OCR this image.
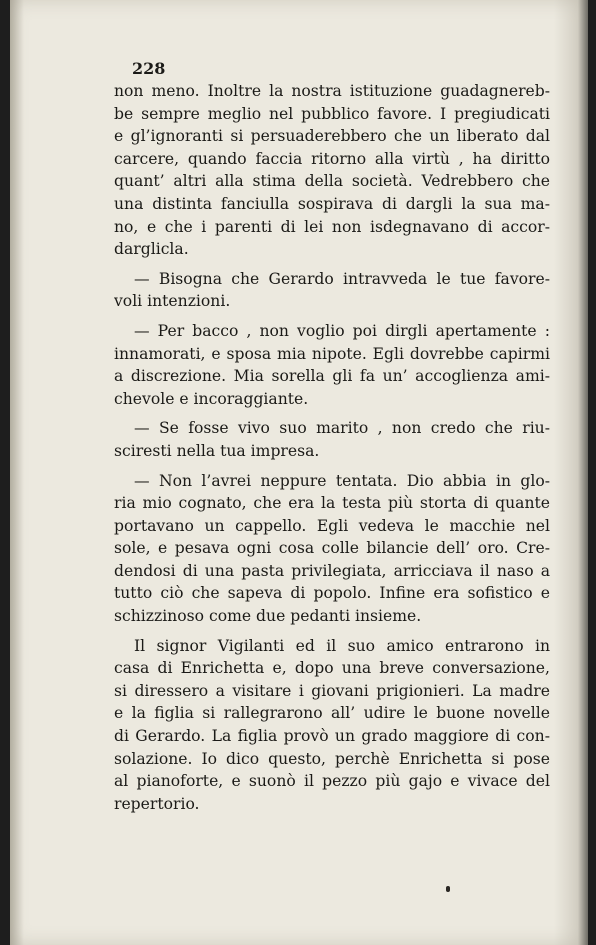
228
non meno. Inoltre la nostra istituzione guadagnereb-
be sempre meglio nel pubblico favore. I pregiudicati
e gl’ignoranti si persuaderebbero che un liberato dal
carcere, quando faccia ritorno alla virtù , ha diritto
quant’ altri alla stima della società. Vedrebbero che
una distinta fanciulla sospirava di dargli la sua ma-
no, e che i parenti di lei non isdegnavano di accor-
darglicla.
— Bisogna che Gerardo intravveda le tue favore-
voli intenzioni.
— Per bacco , non voglio poi dirgli apertamente :
innamorati, e sposa mia nipote. Egli dovrebbe capirmi
a discrezione. Mia sorella gli fa un’ accoglienza ami-
chevole e incoraggiante.
— Se fosse vivo suo marito , non credo che riu-
sciresti nella tua impresa.
— Non l’avrei neppure tentata. Dio abbia in glo-
ria mio cognato, che era la testa più storta di quante
portavano un cappello. Egli vedeva le macchie nel
sole, e pesava ogni cosa colle bilancie dell’ oro. Cre-
dendosi di una pasta privilegiata, arricciava il naso a
tutto ciò che sapeva di popolo. Infine era sofistico e
schizzinoso come due pedanti insieme.
Il signor Vigilanti ed il suo amico entrarono in
casa di Enrichetta e, dopo una breve conversazione,
si diressero a visitare i giovani prigionieri. La madre
e la figlia si rallegrarono all’ udire le buone novelle
di Gerardo. La figlia provò un grado maggiore di con-
solazione. Io dico questo, perchè Enrichetta si pose
al pianoforte, e suonò il pezzo più gajo e vivace del
repertorio.
